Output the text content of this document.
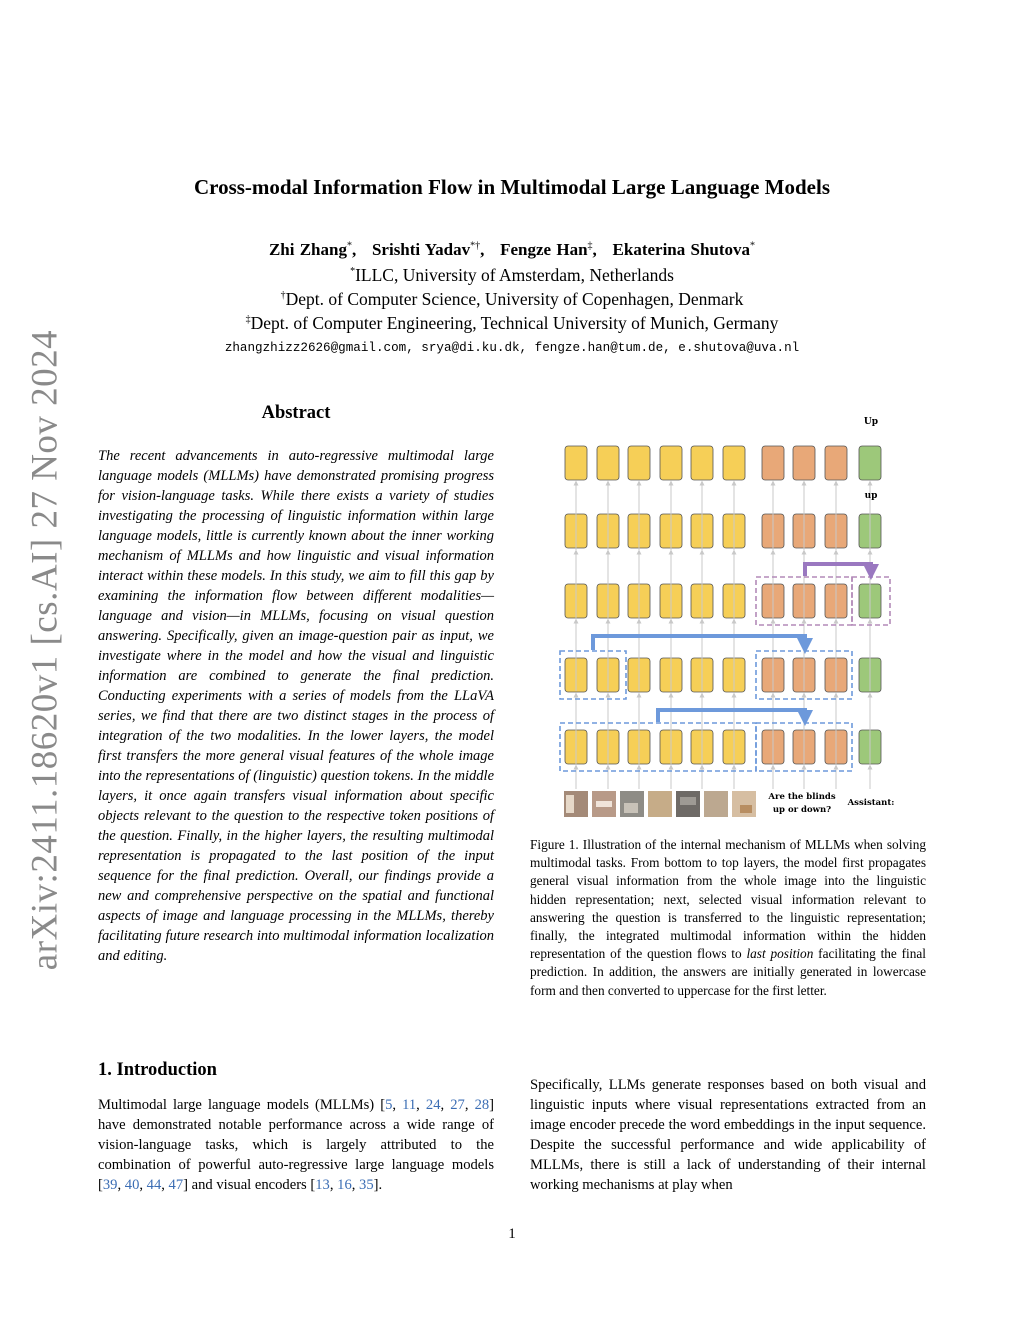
arXiv:2411.18620v1 [cs.AI] 27 Nov 2024
Cross-modal Information Flow in Multimodal Large Language Models
Zhi Zhang*,   Srishti Yadav*†,   Fengze Han‡,   Ekaterina Shutova*
*ILLC, University of Amsterdam, Netherlands
†Dept. of Computer Science, University of Copenhagen, Denmark
‡Dept. of Computer Engineering, Technical University of Munich, Germany
zhangzhizz2626@gmail.com, srya@di.ku.dk, fengze.han@tum.de, e.shutova@uva.nl
Abstract
The recent advancements in auto-regressive multimodal large language models (MLLMs) have demonstrated promising progress for vision-language tasks. While there exists a variety of studies investigating the processing of linguistic information within large language models, little is currently known about the inner working mechanism of MLLMs and how linguistic and visual information interact within these models. In this study, we aim to fill this gap by examining the information flow between different modalities—language and vision—in MLLMs, focusing on visual question answering. Specifically, given an image-question pair as input, we investigate where in the model and how the visual and linguistic information are combined to generate the final prediction. Conducting experiments with a series of models from the LLaVA series, we find that there are two distinct stages in the process of integration of the two modalities. In the lower layers, the model first transfers the more general visual features of the whole image into the representations of (linguistic) question tokens. In the middle layers, it once again transfers visual information about specific objects relevant to the question to the respective token positions of the question. Finally, in the higher layers, the resulting multimodal representation is propagated to the last position of the input sequence for the final prediction. Overall, our findings provide a new and comprehensive perspective on the spatial and functional aspects of image and language processing in the MLLMs, thereby facilitating future research into multimodal information localization and editing.
Up
up
Are the blinds
up or down?
Assistant:
Figure 1. Illustration of the internal mechanism of MLLMs when solving multimodal tasks. From bottom to top layers, the model first propagates general visual information from the whole image into the linguistic hidden representation; next, selected visual information relevant to answering the question is transferred to the linguistic representation; finally, the integrated multimodal information within the hidden representation of the question flows to last position facilitating the final prediction. In addition, the answers are initially generated in lowercase form and then converted to uppercase for the first letter.
1. Introduction
Multimodal large language models (MLLMs) [5, 11, 24, 27, 28] have demonstrated notable performance across a wide range of vision-language tasks, which is largely attributed to the combination of powerful auto-regressive large language models [39, 40, 44, 47] and visual encoders [13, 16, 35].
Specifically, LLMs generate responses based on both visual and linguistic inputs where visual representations extracted from an image encoder precede the word embeddings in the input sequence. Despite the successful performance and wide applicability of MLLMs, there is still a lack of understanding of their internal working mechanisms at play when
1
